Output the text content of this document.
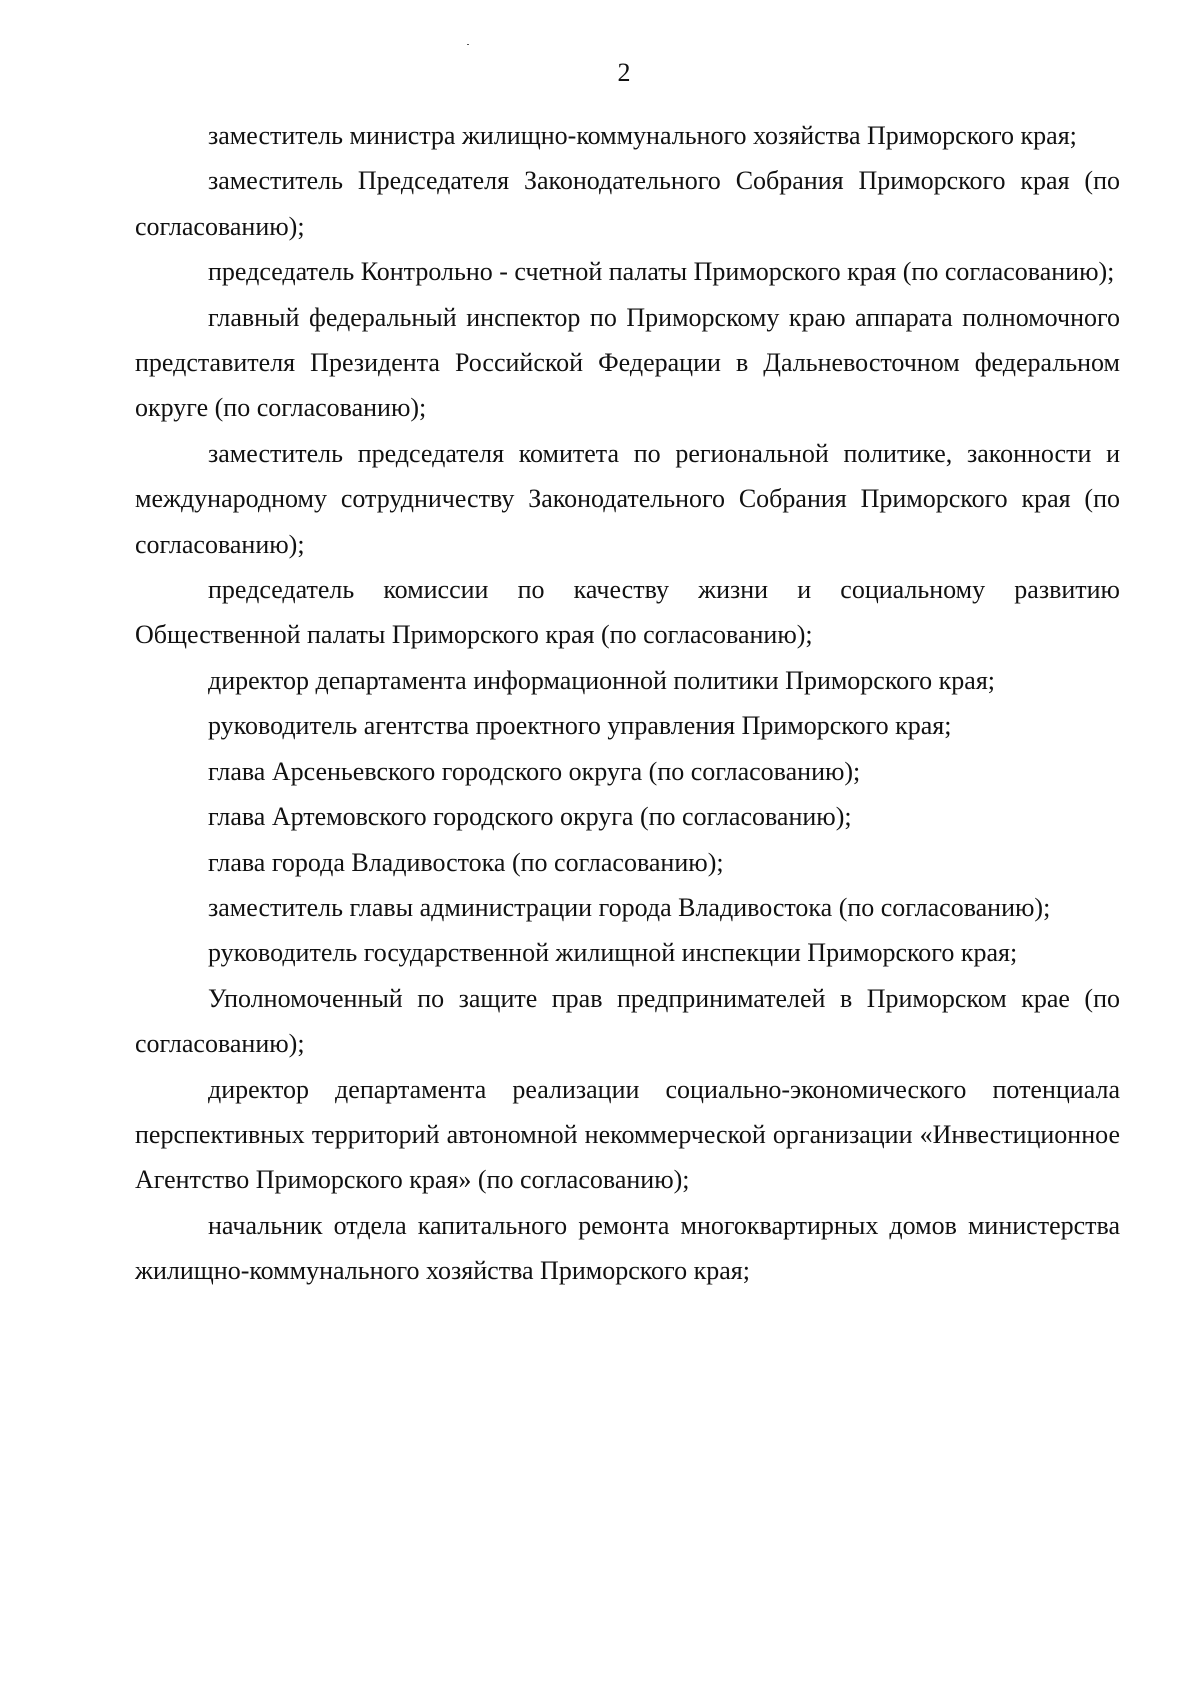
2

заместитель министра жилищно-коммунального хозяйства Приморского края;

заместитель Председателя Законодательного Собрания Приморского края (по согласованию);

председатель Контрольно - счетной палаты Приморского края (по согласованию);

главный федеральный инспектор по Приморскому краю аппарата полномочного представителя Президента Российской Федерации в Дальневосточном федеральном округе (по согласованию);

заместитель председателя комитета по региональной политике, законности и международному сотрудничеству Законодательного Собрания Приморского края (по согласованию);

председатель комиссии по качеству жизни и социальному развитию Общественной палаты Приморского края (по согласованию);

директор департамента информационной политики Приморского края;

руководитель агентства проектного управления Приморского края;

глава Арсеньевского городского округа (по согласованию);

глава Артемовского городского округа (по согласованию);

глава города Владивостока (по согласованию);

заместитель главы администрации города Владивостока (по согласованию);

руководитель государственной жилищной инспекции Приморского края;

Уполномоченный по защите прав предпринимателей в Приморском крае (по согласованию);

директор департамента реализации социально-экономического потенциала перспективных территорий автономной некоммерческой организации «Инвестиционное Агентство Приморского края» (по согласованию);

начальник отдела капитального ремонта многоквартирных домов министерства жилищно-коммунального хозяйства Приморского края;
